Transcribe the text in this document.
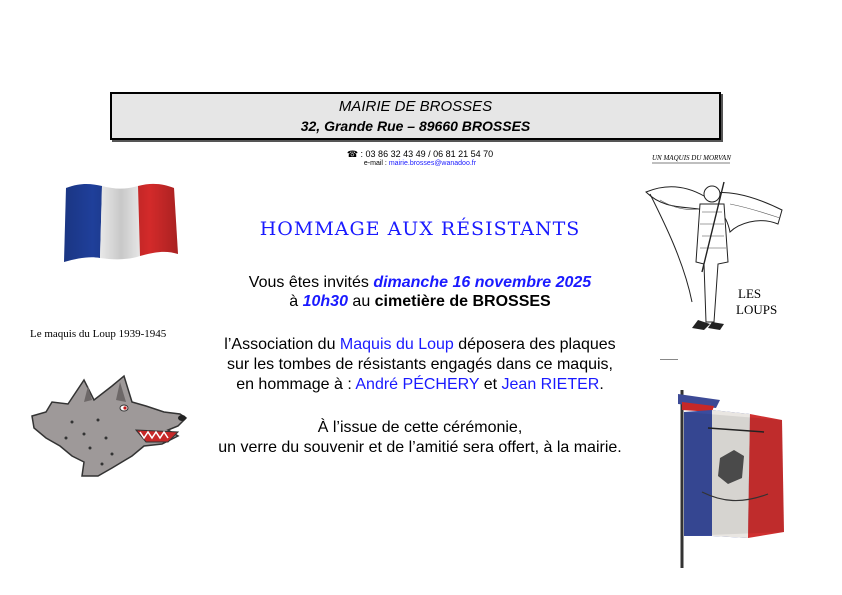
MAIRIE DE BROSSES
32, Grande Rue – 89660 BROSSES
☎ : 03 86 32 43 49 / 06 81 21 54 70
e-mail : mairie.brosses@wanadoo.fr
HOMMAGE AUX RÉSISTANTS
Vous êtes invités dimanche 16 novembre 2025
à 10h30 au cimetière de BROSSES
l’Association du Maquis du Loup déposera des plaques
sur les tombes de résistants engagés dans ce maquis,
en hommage à : André PÉCHERY et Jean RIETER.
À l’issue de cette cérémonie,
un verre du souvenir et de l’amitié sera offert, à la mairie.
Le maquis du Loup 1939-1945
UN MAQUIS DU MORVAN
LES
LOUPS
